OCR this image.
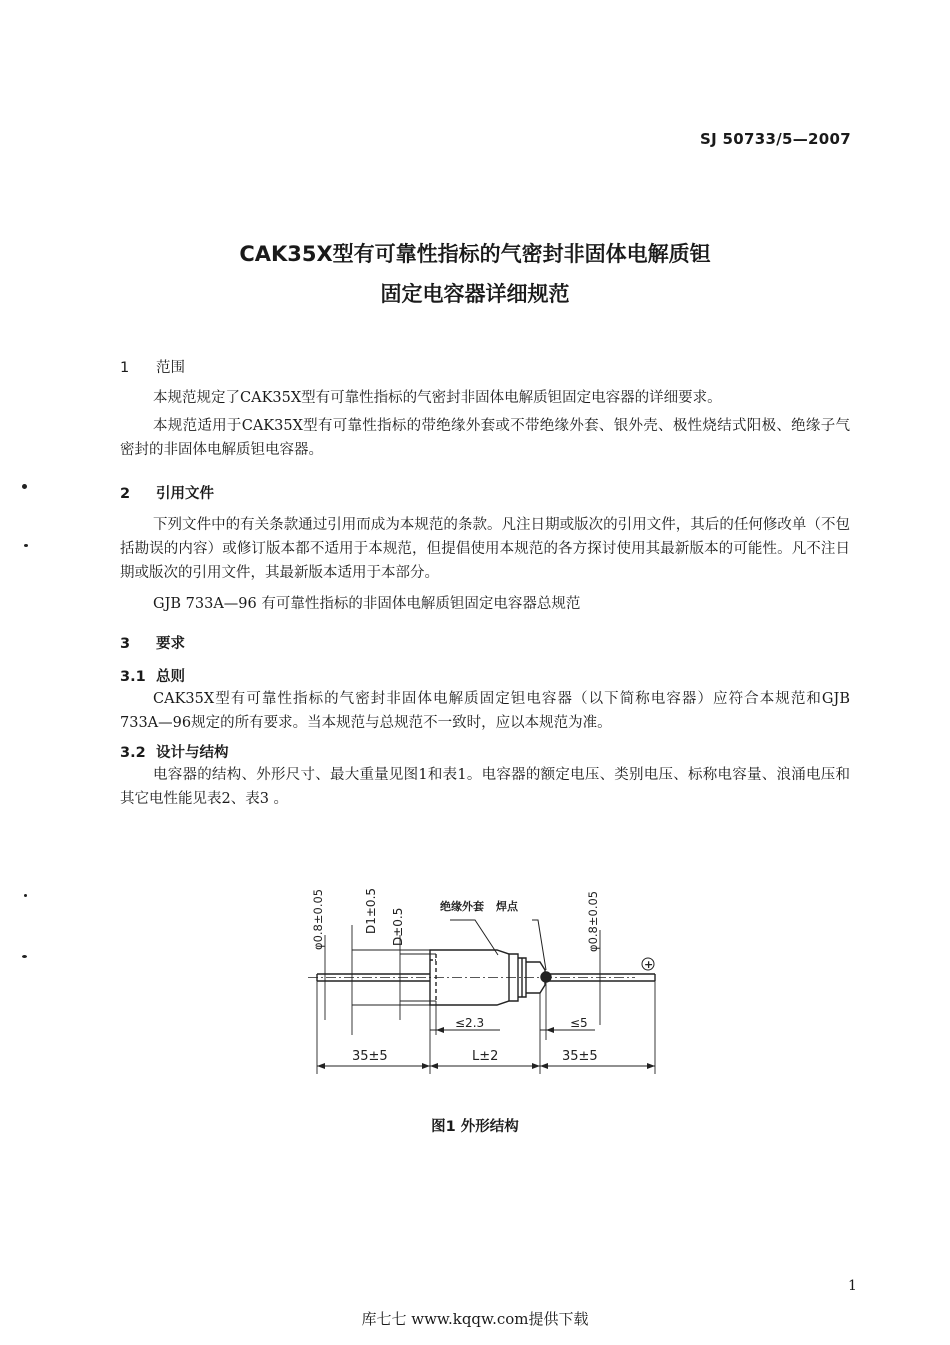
SJ 50733/5—2007
CAK35X型有可靠性指标的气密封非固体电解质钽
固定电容器详细规范
1 范围
本规范规定了CAK35X型有可靠性指标的气密封非固体电解质钽固定电容器的详细要求。
本规范适用于CAK35X型有可靠性指标的带绝缘外套或不带绝缘外套、银外壳、极性烧结式阳极、绝缘子气密封的非固体电解质钽电容器。
2 引用文件
下列文件中的有关条款通过引用而成为本规范的条款。凡注日期或版次的引用文件，其后的任何修改单（不包括勘误的内容）或修订版本都不适用于本规范，但提倡使用本规范的各方探讨使用其最新版本的可能性。凡不注日期或版次的引用文件，其最新版本适用于本部分。
GJB 733A—96 有可靠性指标的非固体电解质钽固定电容器总规范
3 要求
3.1 总则
CAK35X型有可靠性指标的气密封非固体电解质固定钽电容器（以下简称电容器）应符合本规范和GJB 733A—96规定的所有要求。当本规范与总规范不一致时，应以本规范为准。
3.2 设计与结构
电容器的结构、外形尺寸、最大重量见图1和表1。电容器的额定电压、类别电压、标称电容量、浪涌电压和其它电性能见表2、表3 。
φ0.8±0.05	D1±0.5 D±0.5	φ0.8±0.05
绝缘外套 焊点
≤2.3	≤5
35±5	L±2	35±5
+
图1 外形结构
1
库七七 www.kqqw.com提供下载
